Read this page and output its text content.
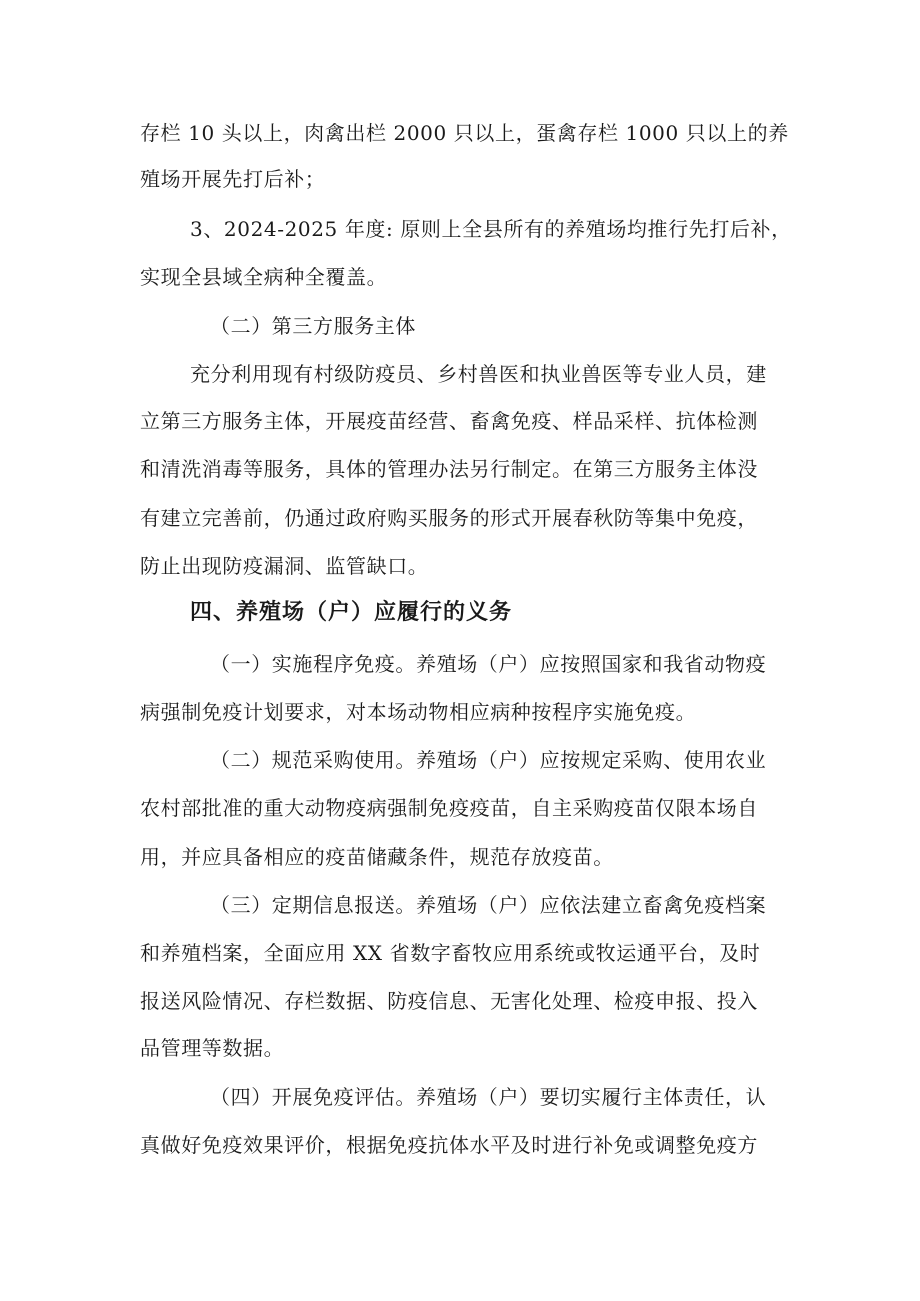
存栏 10 头以上，肉禽出栏 2000 只以上，蛋禽存栏 1000 只以上的养
殖场开展先打后补；
3、2024-2025 年度: 原则上全县所有的养殖场均推行先打后补，
实现全县域全病种全覆盖。
（二）第三方服务主体
充分利用现有村级防疫员、乡村兽医和执业兽医等专业人员，建
立第三方服务主体，开展疫苗经营、畜禽免疫、样品采样、抗体检测
和清洗消毒等服务，具体的管理办法另行制定。在第三方服务主体没
有建立完善前，仍通过政府购买服务的形式开展春秋防等集中免疫，
防止出现防疫漏洞、监管缺口。
四、养殖场（户）应履行的义务
（一）实施程序免疫。养殖场（户）应按照国家和我省动物疫
病强制免疫计划要求，对本场动物相应病种按程序实施免疫。
（二）规范采购使用。养殖场（户）应按规定采购、使用农业
农村部批准的重大动物疫病强制免疫疫苗，自主采购疫苗仅限本场自
用，并应具备相应的疫苗储藏条件，规范存放疫苗。
（三）定期信息报送。养殖场（户）应依法建立畜禽免疫档案
和养殖档案，全面应用 XX 省数字畜牧应用系统或牧运通平台，及时
报送风险情况、存栏数据、防疫信息、无害化处理、检疫申报、投入
品管理等数据。
（四）开展免疫评估。养殖场（户）要切实履行主体责任，认
真做好免疫效果评价，根据免疫抗体水平及时进行补免或调整免疫方
